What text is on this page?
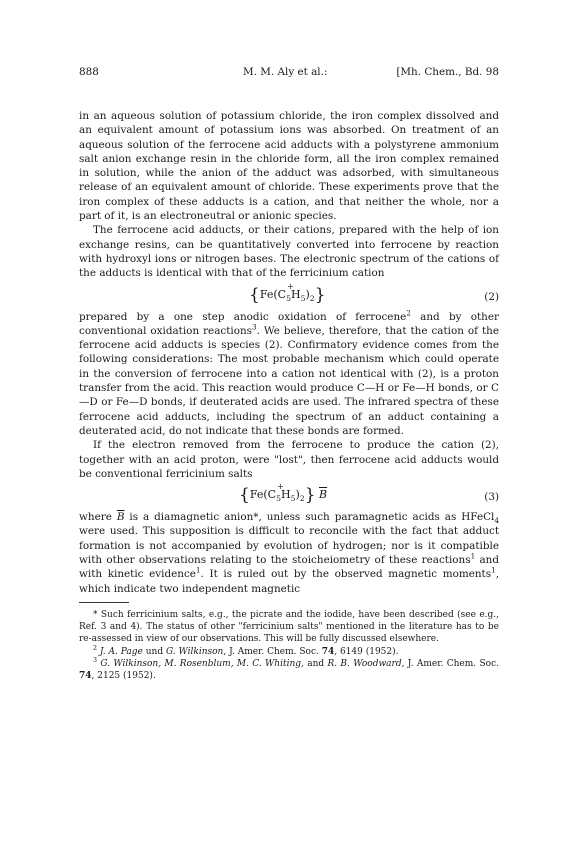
888	M. M. Aly et al.:	[Mh. Chem., Bd. 98

in an aqueous solution of potassium chloride, the iron complex dissolved and an equivalent amount of potassium ions was absorbed. On treatment of an aqueous solution of the ferrocene acid adducts with a polystyrene ammonium salt anion exchange resin in the chloride form, all the iron complex remained in solution, while the anion of the adduct was adsorbed, with simultaneous release of an equivalent amount of chloride. These experiments prove that the iron complex of these adducts is a cation, and that neither the whole, nor a part of it, is an electroneutral or anionic species.

The ferrocene acid adducts, or their cations, prepared with the help of ion exchange resins, can be quantitatively converted into ferrocene by reaction with hydroxyl ions or nitrogen bases. The electronic spectrum of the cations of the adducts is identical with that of the ferricinium cation

$\{Fe(C_5H_5)_2\}$	(2)

prepared by a one step anodic oxidation of ferrocene$^2$ and by other conventional oxidation reactions$^3$. We believe, therefore, that the cation of the ferrocene acid adducts is species (2). Confirmatory evidence comes from the following considerations: The most probable mechanism which could operate in the conversion of ferrocene into a cation not identical with (2), is a proton transfer from the acid. This reaction would produce C—H or Fe—H bonds, or C—D or Fe—D bonds, if deuterated acids are used. The infrared spectra of these ferrocene acid adducts, including the spectrum of an adduct containing a deuterated acid, do not indicate that these bonds are formed.

If the electron removed from the ferrocene to produce the cation (2), together with an acid proton, were "lost", then ferrocene acid adducts would be conventional ferricinium salts

$\{Fe(C_5H_5)_2\}$ $\overline{B}$	(3)

where $\overline{B}$ is a diamagnetic anion*, unless such paramagnetic acids as HFeCl$_4$ were used. This supposition is difficult to reconcile with the fact that adduct formation is not accompanied by evolution of hydrogen; nor is it compatible with other observations relating to the stoicheiometry of these reactions$^1$ and with kinetic evidence$^1$. It is ruled out by the observed magnetic moments$^1$, which indicate two independent magnetic

* Such ferricinium salts, e.g., the picrate and the iodide, have been described (see e.g., Ref. 3 and 4). The status of other "ferricinium salts" mentioned in the literature has to be re-assessed in view of our observations. This will be fully discussed elsewhere.

$^2$ J. A. Page und G. Wilkinson, J. Amer. Chem. Soc. 74, 6149 (1952).

$^3$ G. Wilkinson, M. Rosenblum, M. C. Whiting, and R. B. Woodward, J. Amer. Chem. Soc. 74, 2125 (1952).
